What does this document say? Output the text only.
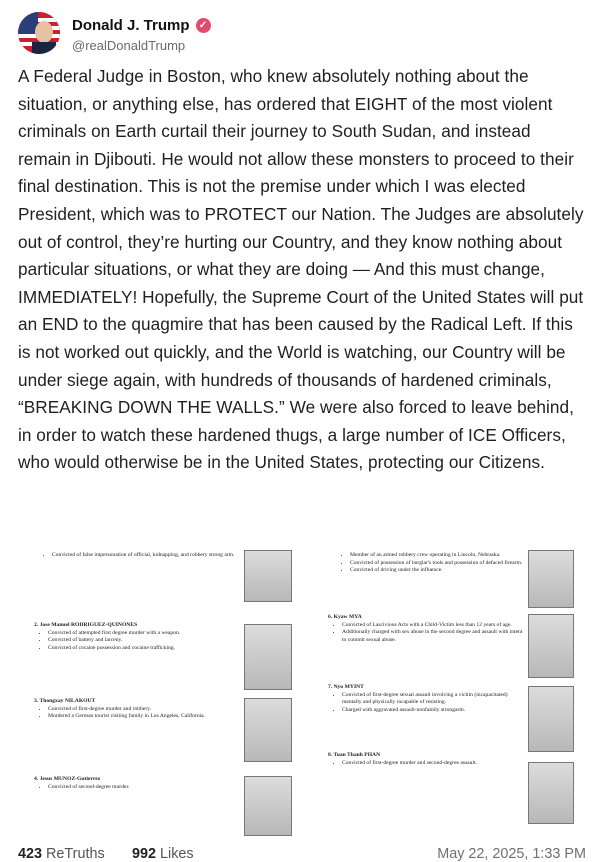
Donald J. Trump ✓
@realDonaldTrump
A Federal Judge in Boston, who knew absolutely nothing about the situation, or anything else, has ordered that EIGHT of the most violent criminals on Earth curtail their journey to South Sudan, and instead remain in Djibouti. He would not allow these monsters to proceed to their final destination. This is not the premise under which I was elected President, which was to PROTECT our Nation. The Judges are absolutely out of control, they’re hurting our Country, and they know nothing about particular situations, or what they are doing — And this must change, IMMEDIATELY! Hopefully, the Supreme Court of the United States will put an END to the quagmire that has been caused by the Radical Left. If this is not worked out quickly, and the World is watching, our Country will be under siege again, with hundreds of thousands of hardened criminals, “BREAKING DOWN THE WALLS.” We were also forced to leave behind, in order to watch these hardened thugs, a large number of ICE Officers, who would otherwise be in the United States, protecting our Citizens.
• Convicted of false impersonation of official, kidnapping, and robbery strong arm.
2. Jose Manuel RODRIGUEZ-QUINONES
• Convicted of attempted first degree murder with a weapon.
• Convicted of battery and larceny.
• Convicted of cocaine possession and cocaine trafficking.
3. Thongxay NILAKOUT
• Convicted of first-degree murder and robbery.
• Murdered a German tourist visiting family in Los Angeles, California.
4. Jesus MUNOZ-Gutierrez
• Convicted of second-degree murder.
• Member of an armed robbery crew operating in Lincoln, Nebraska.
• Convicted of possession of burglar's tools and possession of defaced firearm.
• Convicted of driving under the influence.
6. Kyaw MYA
• Convicted of Lascivious Acts with a Child-Victim less than 12 years of age.
• Additionally charged with sex abuse in the second degree and assault with intent to commit sexual abuse.
7. Nyo MYINT
• Convicted of first-degree sexual assault involving a victim (incapacitated) mentally and physically incapable of resisting.
• Charged with aggravated assault-nonfamily strongarm.
8. Tuan Thanh PHAN
• Convicted of first-degree murder and second-degree assault.
423 ReTruths 992 Likes	May 22, 2025, 1:33 PM
